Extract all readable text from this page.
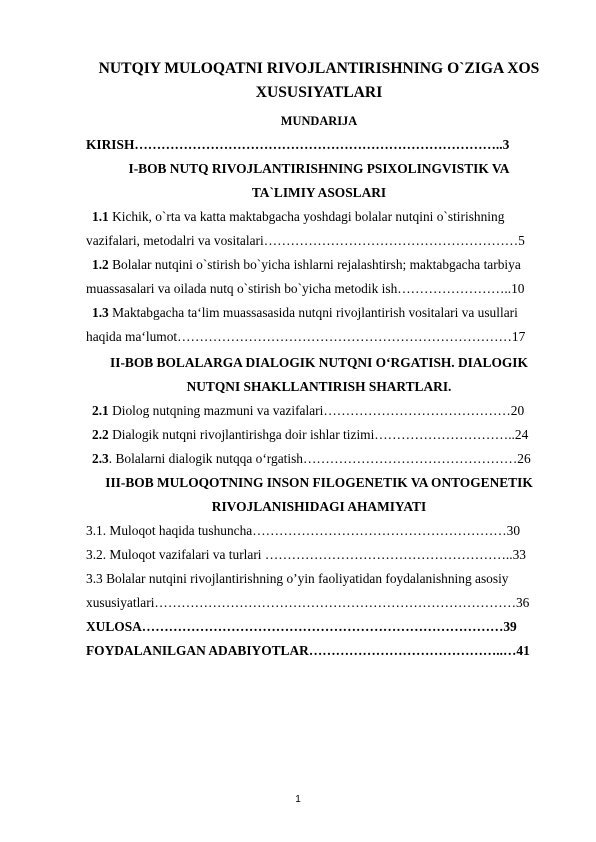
NUTQIY MULOQATNI RIVOJLANTIRISHNING O`ZIGA XOS
XUSUSIYATLARI
MUNDARIJA
KIRISH………………………………………………………………………..3
I-BOB NUTQ RIVOJLANTIRISHNING PSIXOLINGVISTIK VA
TA`LIMIY ASOSLARI
1.1 Kichik, o`rta va katta maktabgacha yoshdagi bolalar nutqini o`stirishning
vazifalari, metodalri va vositalari…………………………………………………5
1.2 Bolalar nutqini o`stirish bo`yicha ishlarni rejalashtirsh; maktabgacha tarbiya
muassasalari va oilada nutq o`stirish bo`yicha metodik ish……………………..10
1.3 Maktabgacha ta‘lim muassasasida nutqni rivojlantirish vositalari va usullari
haqida ma‘lumot…………………………………………………………………17
II-BOB BOLALARGA DIALOGIK NUTQNI O‘RGATISH. DIALOGIK
NUTQNI SHAKLLANTIRISH SHARTLARI.
2.1 Diolog nutqning mazmuni va vazifalari……………………………………20
2.2 Dialogik nutqni rivojlantirishga doir ishlar tizimi…………………………..24
2.3. Bolalarni dialogik nutqqa o‘rgatish…………………………………………26
III-BOB MULOQOTNING INSON FILOGENETIK VA ONTOGENETIK
RIVOJLANISHIDAGI AHAMIYATI
3.1. Muloqot haqida tushuncha…………………………………………………30
3.2. Muloqot vazifalari va turlari ………………………………………………..33
3.3 Bolalar nutqini rivojlantirishning o’yin faoliyatidan foydalanishning asosiy
xususiyatlari………………………………………………………………………36
XULOSA………………………………………………………………………39
FOYDALANILGAN ADABIYOTLAR……………………………………..…41
1
